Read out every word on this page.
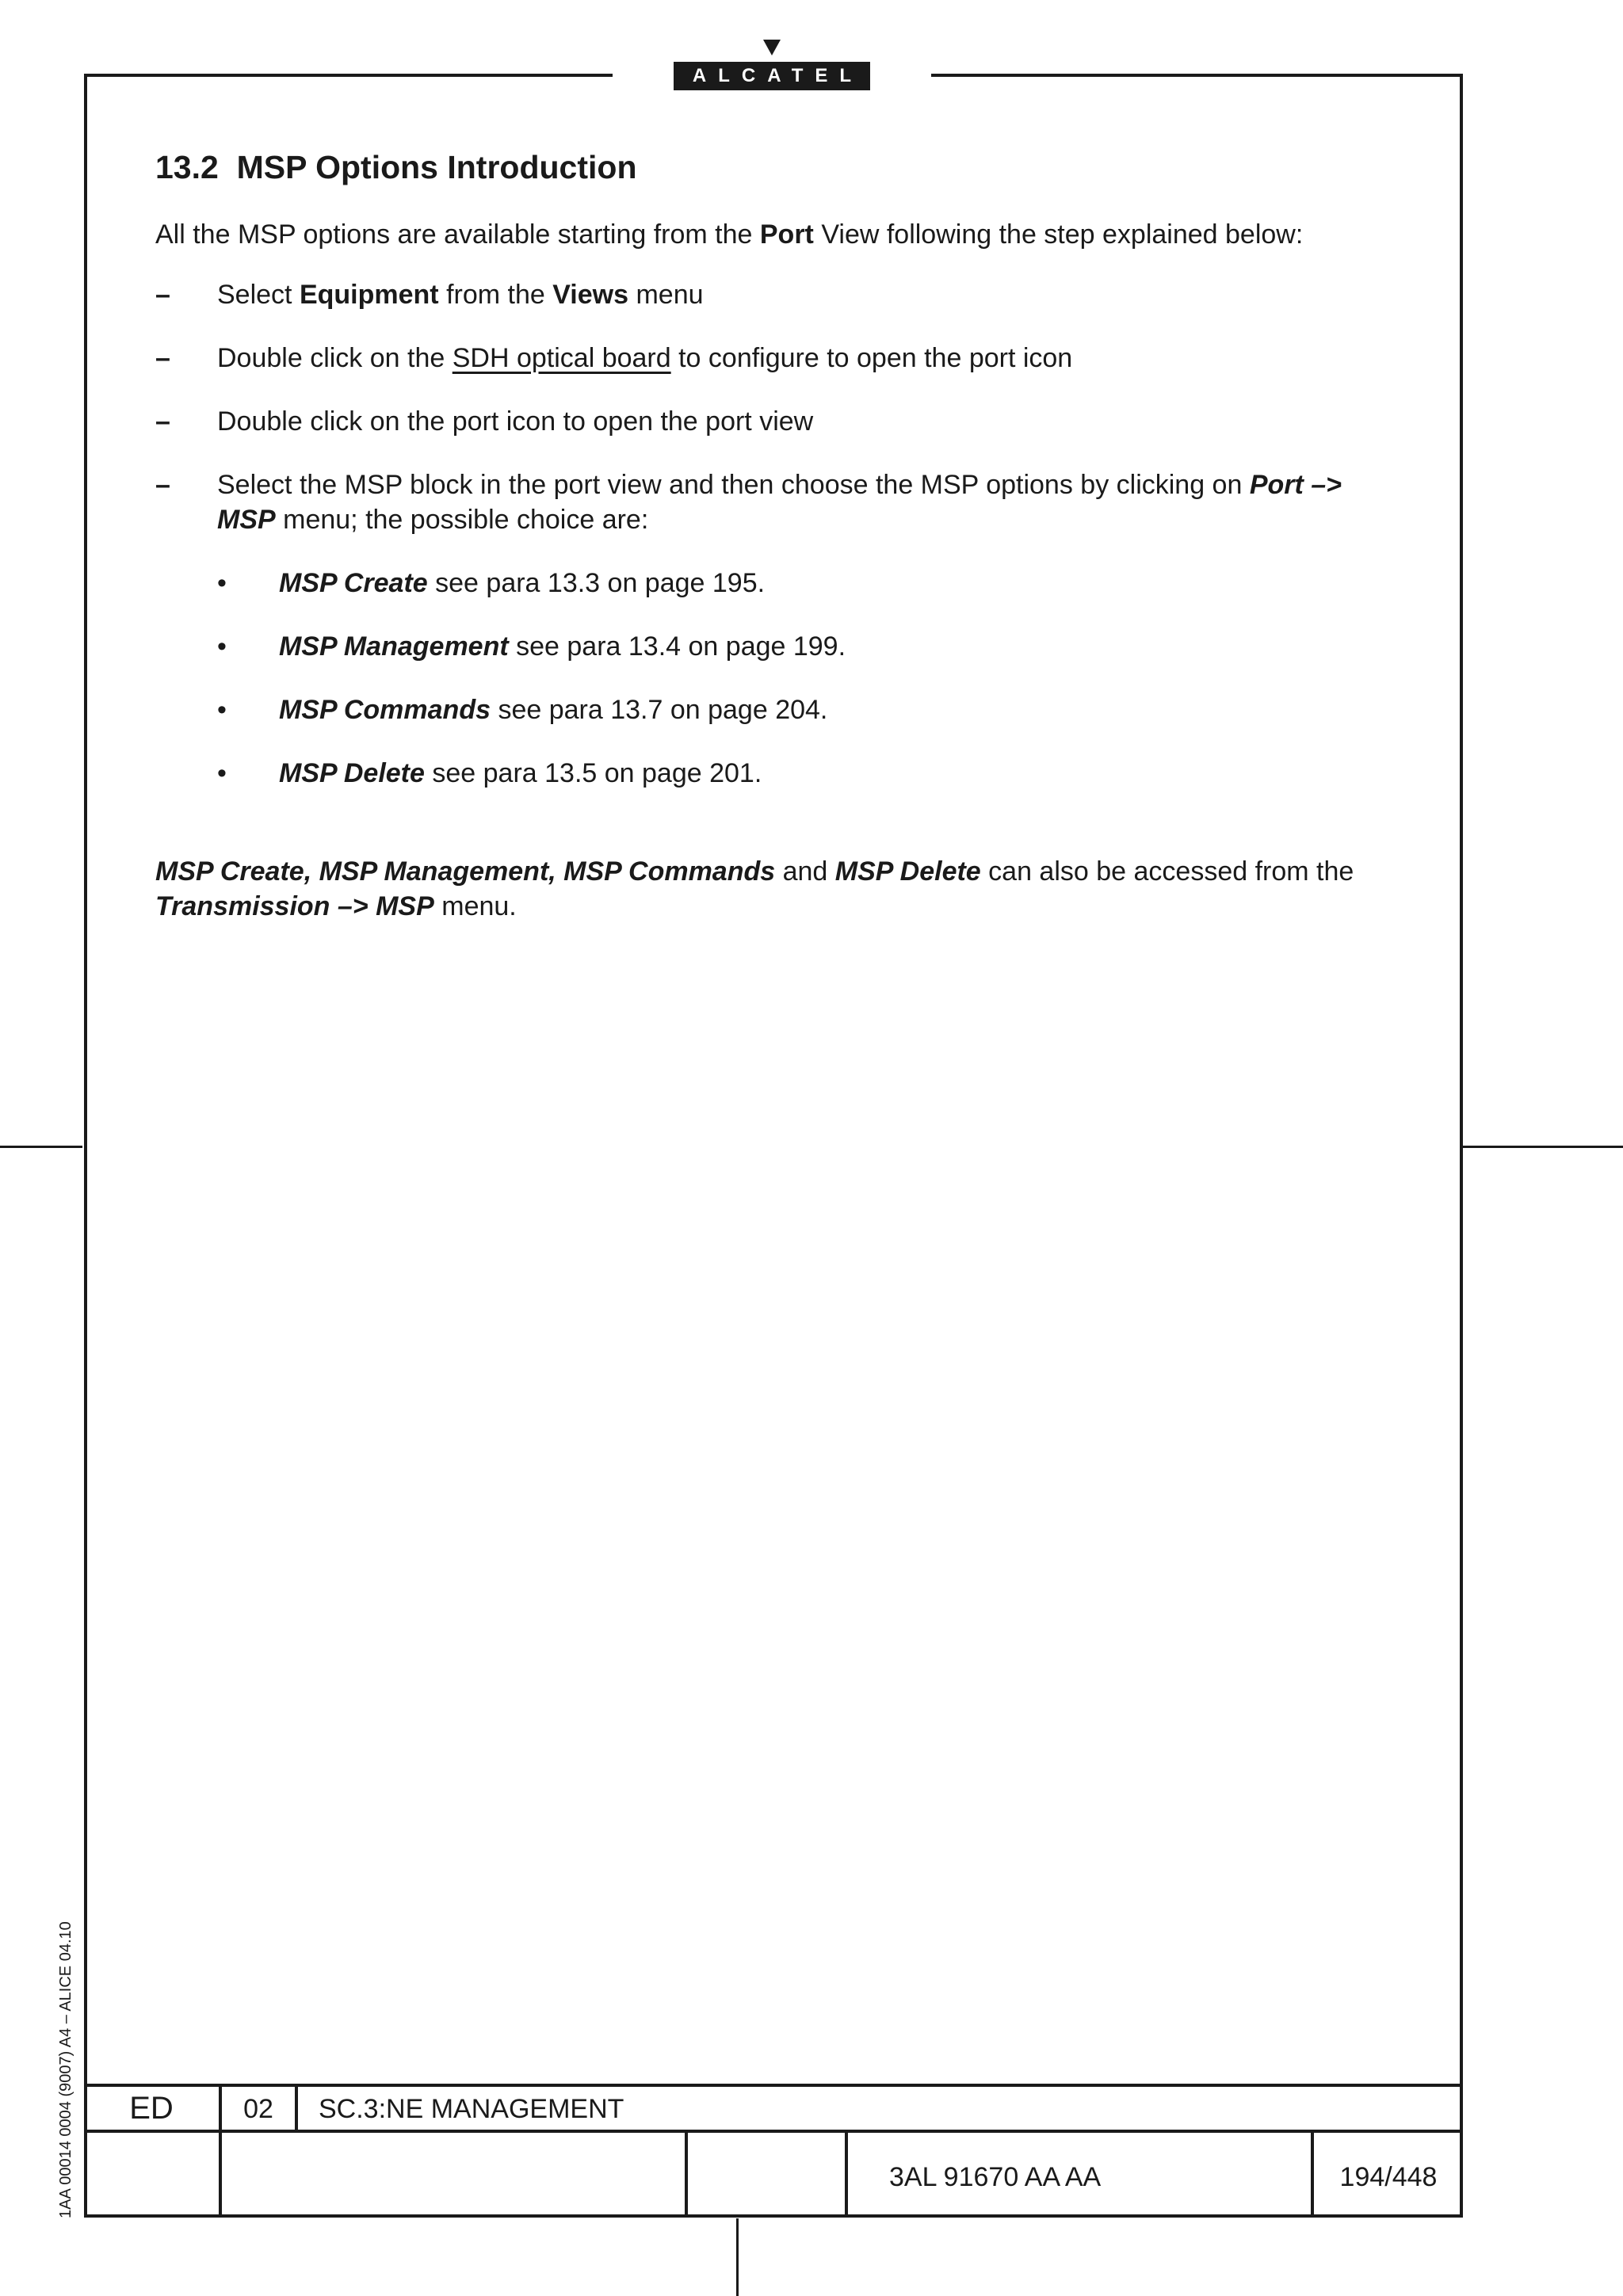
ALCATEL
13.2 MSP Options Introduction

All the MSP options are available starting from the Port View following the step explained below:

– Select Equipment from the Views menu
– Double click on the SDH optical board to configure to open the port icon
– Double click on the port icon to open the port view
– Select the MSP block in the port view and then choose the MSP options by clicking on Port –> MSP menu; the possible choice are:
• MSP Create see para 13.3 on page 195.
• MSP Management see para 13.4 on page 199.
• MSP Commands see para 13.7 on page 204.
• MSP Delete see para 13.5 on page 201.

MSP Create, MSP Management, MSP Commands and MSP Delete can also be accessed from the Transmission –> MSP menu.

1AA 00014 0004 (9007) A4 – ALICE 04.10	ED	02	SC.3:NE MANAGEMENT
3AL 91670 AA AA	194/448
